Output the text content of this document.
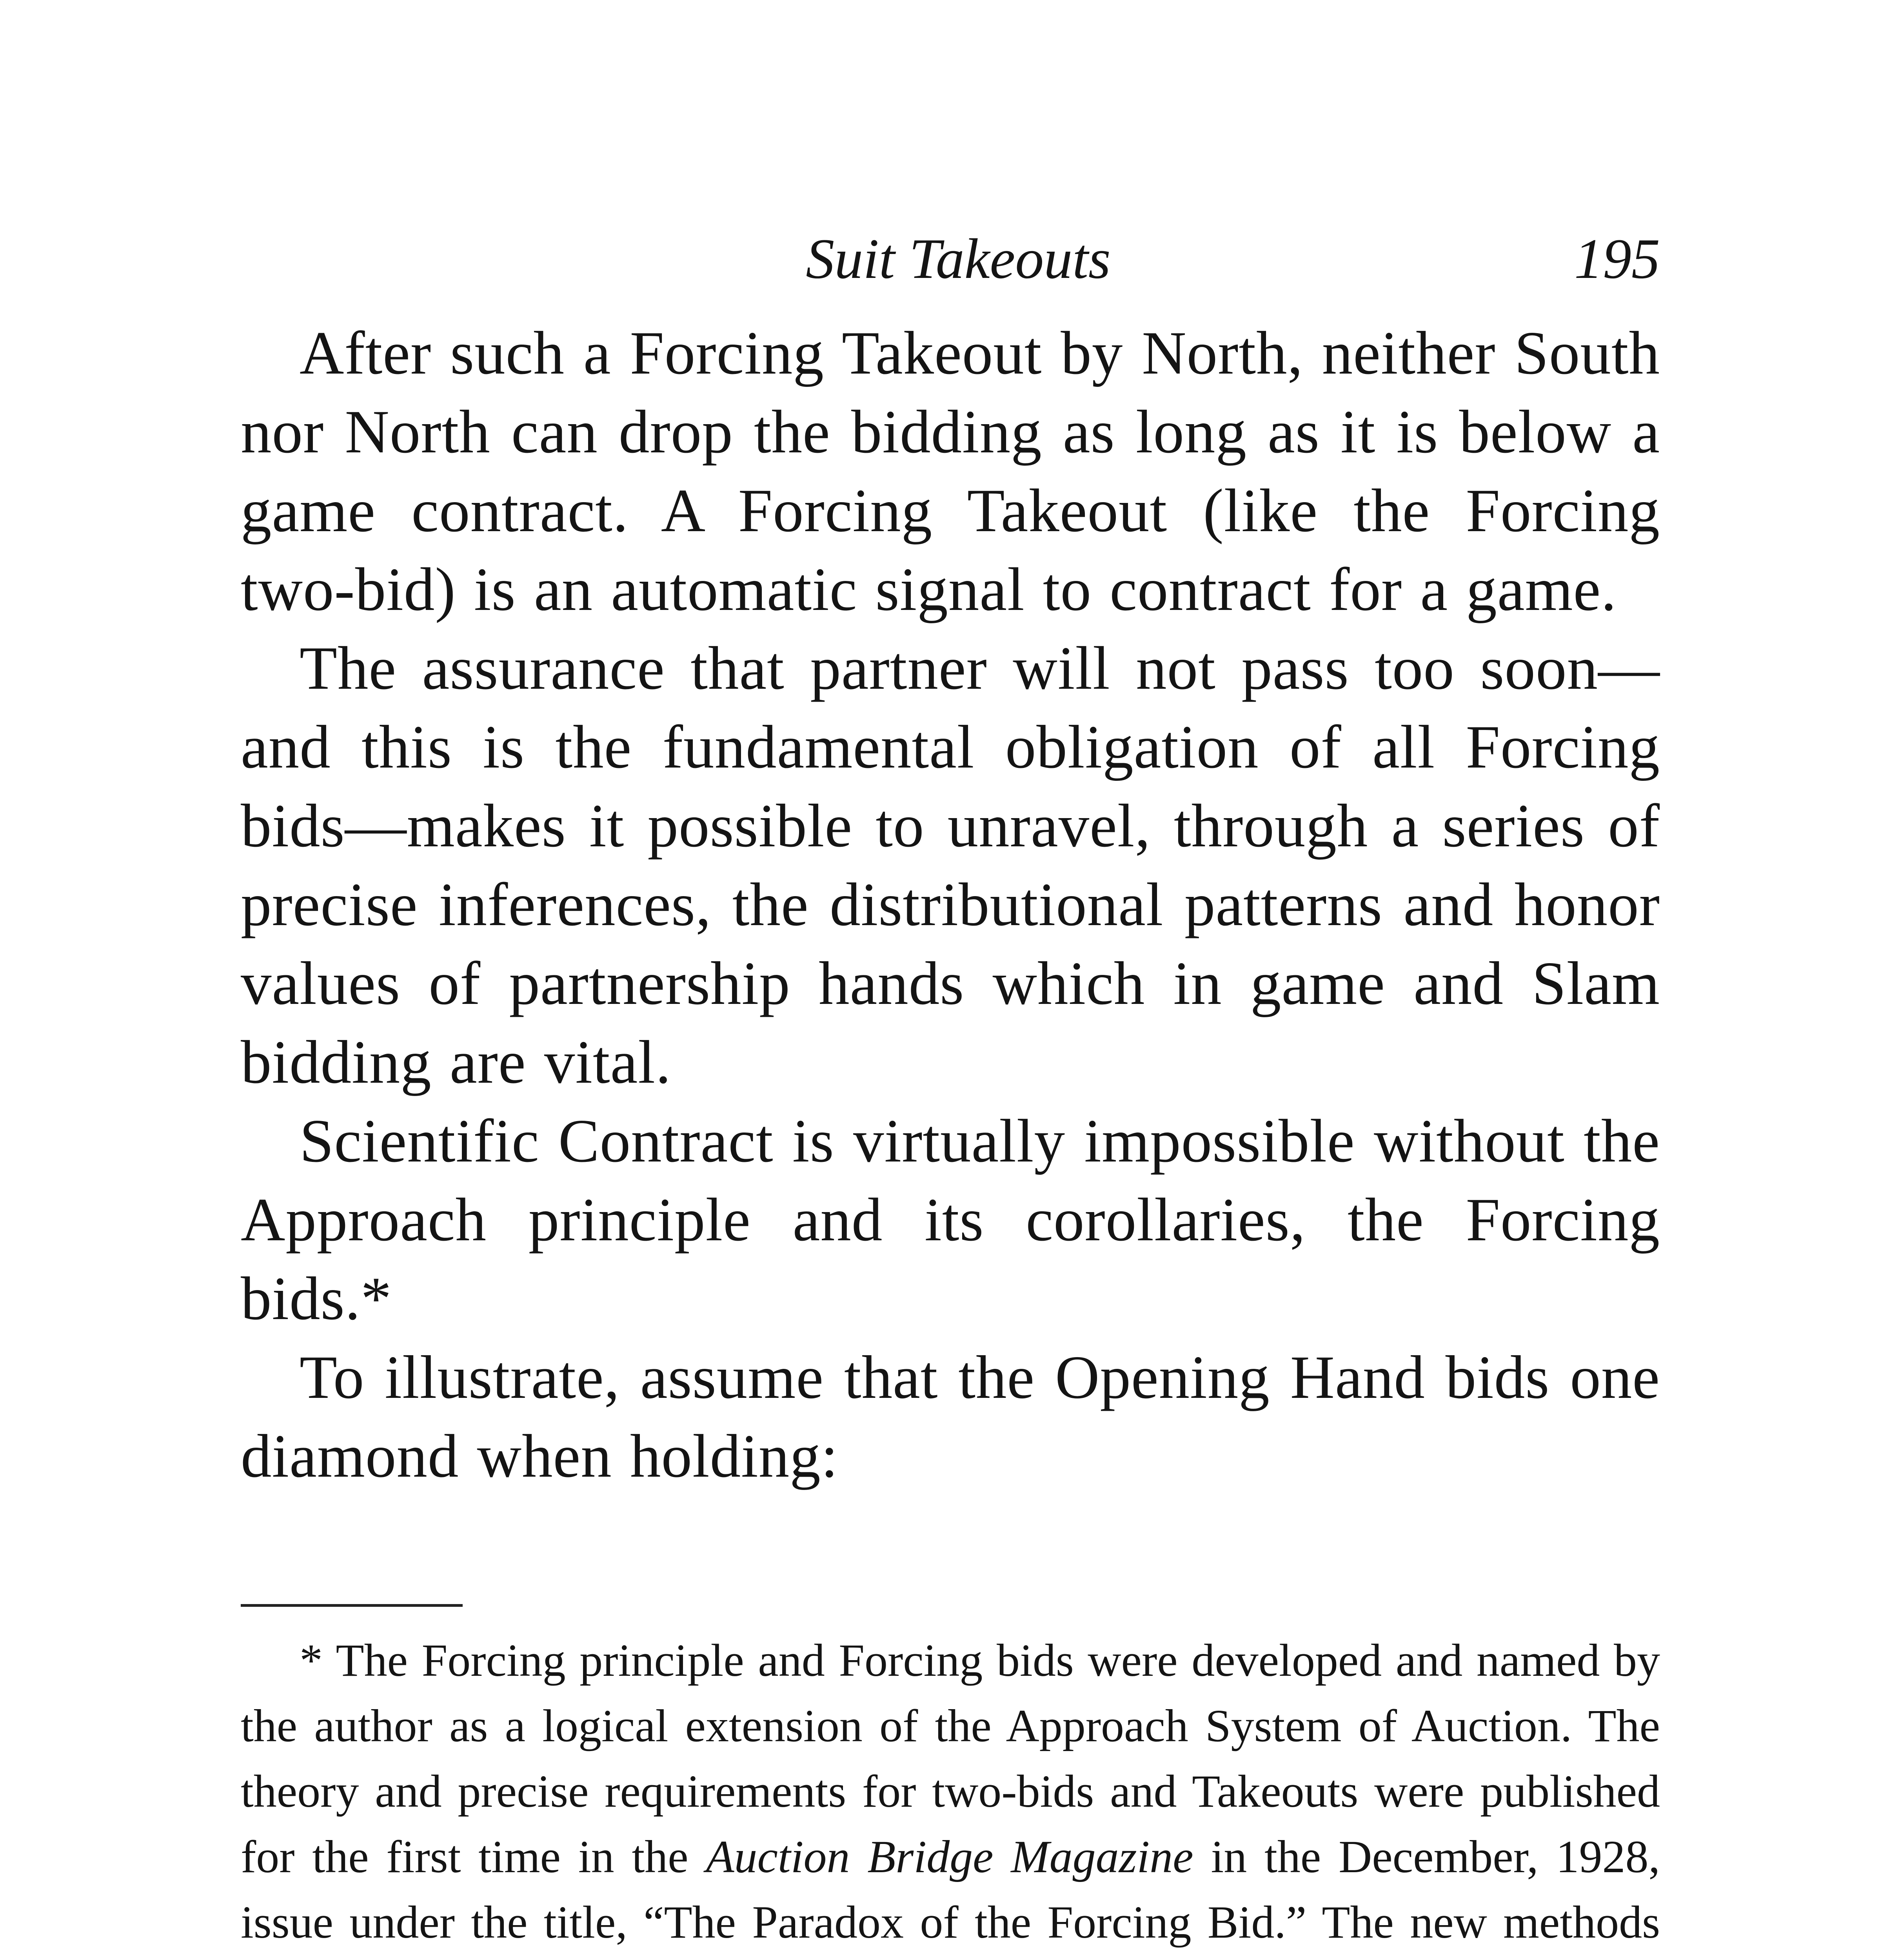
Suit Takeouts	195

After such a Forcing Takeout by North, neither South nor North can drop the bidding as long as it is below a game contract. A Forcing Takeout (like the Forcing two-bid) is an automatic signal to contract for a game.

The assurance that partner will not pass too soon—and this is the fundamental obligation of all Forcing bids—makes it possible to unravel, through a series of precise inferences, the distributional patterns and honor values of partnership hands which in game and Slam bidding are vital.

Scientific Contract is virtually impossible without the Approach principle and its corollaries, the Forcing bids.*

To illustrate, assume that the Opening Hand bids one diamond when holding:

* The Forcing principle and Forcing bids were developed and named by the author as a logical extension of the Approach System of Auction. The theory and precise requirements for two-bids and Takeouts were published for the first time in the Auction Bridge Magazine in the December, 1928, issue under the title, “The Paradox of the Forcing Bid.” The new methods
